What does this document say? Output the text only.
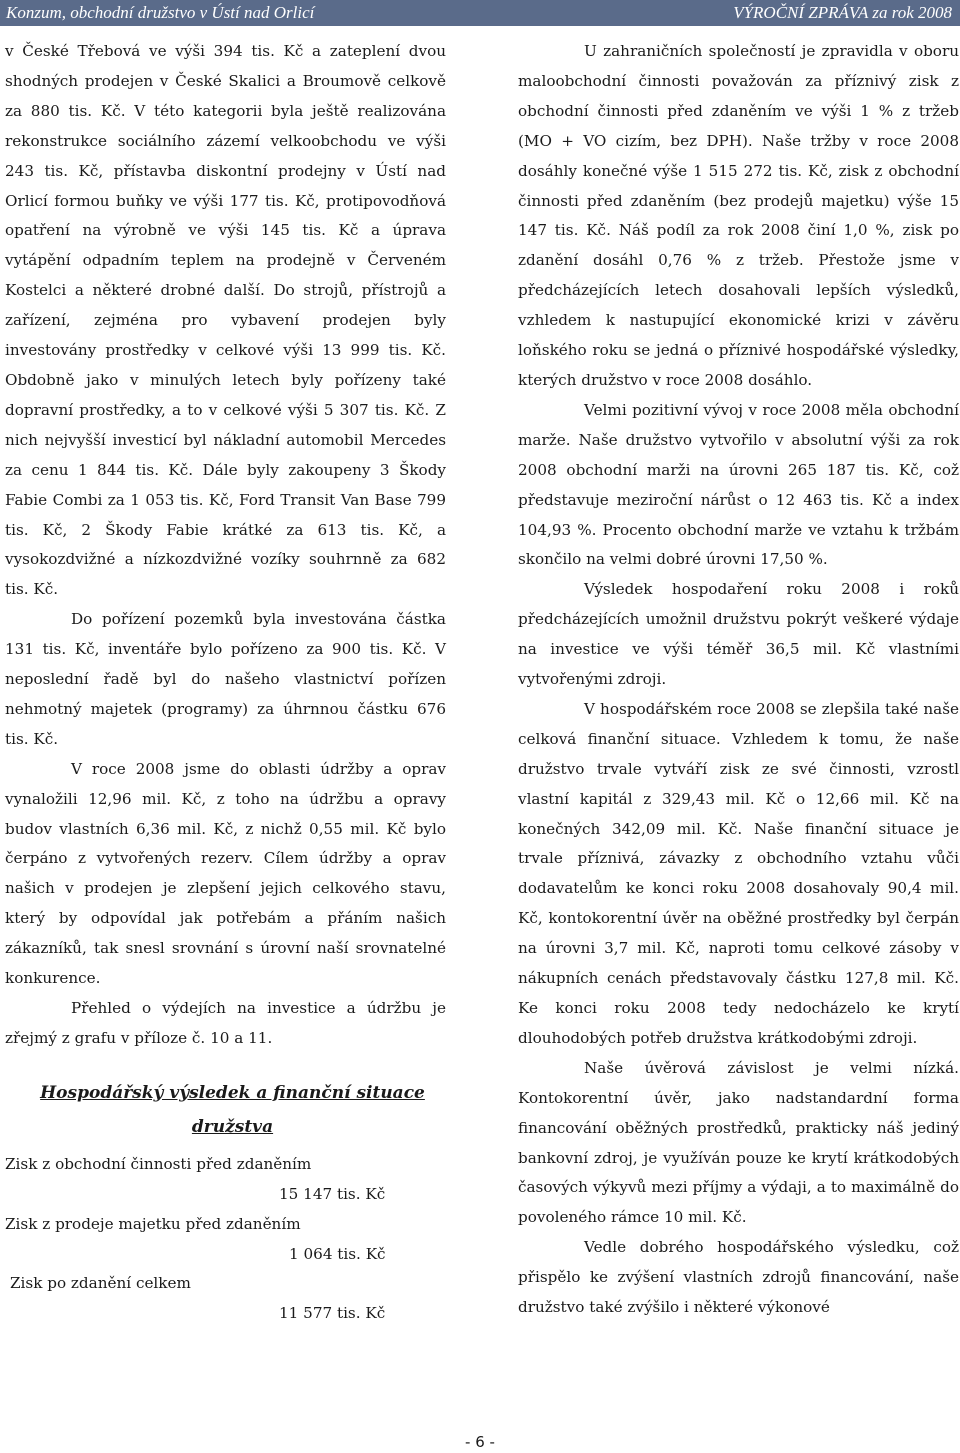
Konzum, obchodní družstvo v Ústí nad Orlicí	VÝROČNÍ ZPRÁVA za rok 2008

v České Třebová ve výši 394 tis. Kč a zateplení dvou shodných prodejen v České Skalici a Broumově celkově za 880 tis. Kč. V této kategorii byla ještě realizována rekonstrukce sociálního zázemí velkoobchodu ve výši 243 tis. Kč, přístavba diskontní prodejny v Ústí nad Orlicí formou buňky ve výši 177 tis. Kč, protipovodňová opatření na výrobně ve výši 145 tis. Kč a úprava vytápění odpadním teplem na prodejně v Červeném Kostelci a některé drobné další. Do strojů, přístrojů a zařízení, zejména pro vybavení prodejen byly investovány prostředky v celkové výši 13 999 tis. Kč. Obdobně jako v minulých letech byly pořízeny také dopravní prostředky, a to v celkové výši 5 307 tis. Kč. Z nich nejvyšší investicí byl nákladní automobil Mercedes za cenu 1 844 tis. Kč. Dále byly zakoupeny 3 Škody Fabie Combi za 1 053 tis. Kč, Ford Transit Van Base 799 tis. Kč, 2 Škody Fabie krátké za 613 tis. Kč, a vysokozdvižné a nízkozdvižné vozíky souhrnně za 682 tis. Kč.

Do pořízení pozemků byla investována částka 131 tis. Kč, inventáře bylo pořízeno za 900 tis. Kč. V neposlední řadě byl do našeho vlastnictví pořízen nehmotný majetek (programy) za úhrnnou částku 676 tis. Kč.

V roce 2008 jsme do oblasti údržby a oprav vynaložili 12,96 mil. Kč, z toho na údržbu a opravy budov vlastních 6,36 mil. Kč, z nichž 0,55 mil. Kč bylo čerpáno z vytvořených rezerv. Cílem údržby a oprav našich v prodejen je zlepšení jejich celkového stavu, který by odpovídal jak potřebám a přáním našich zákazníků, tak snesl srovnání s úrovní naší srovnatelné konkurence.

Přehled o výdejích na investice a údržbu je zřejmý z grafu v příloze č. 10 a 11.

Hospodářský výsledek a finanční situace
družstva
Zisk z obchodní činnosti před zdaněním
15 147 tis. Kč
Zisk z prodeje majetku před zdaněním
1 064 tis. Kč
Zisk po zdanění celkem
11 577 tis. Kč

U zahraničních společností je zpravidla v oboru maloobchodní činnosti považován za příznivý zisk z obchodní činnosti před zdaněním ve výši 1 % z tržeb (MO + VO cizím, bez DPH). Naše tržby v roce 2008 dosáhly konečné výše 1 515 272 tis. Kč, zisk z obchodní činnosti před zdaněním (bez prodejů majetku) výše 15 147 tis. Kč. Náš podíl za rok 2008 činí 1,0 %, zisk po zdanění dosáhl 0,76 % z tržeb. Přestože jsme v předcházejících letech dosahovali lepších výsledků, vzhledem k nastupující ekonomické krizi v závěru loňského roku se jedná o příznivé hospodářské výsledky, kterých družstvo v roce 2008 dosáhlo.

Velmi pozitivní vývoj v roce 2008 měla obchodní marže. Naše družstvo vytvořilo v absolutní výši za rok 2008 obchodní marži na úrovni 265 187 tis. Kč, což představuje meziroční nárůst o 12 463 tis. Kč a index 104,93 %. Procento obchodní marže ve vztahu k tržbám skončilo na velmi dobré úrovni 17,50 %.

Výsledek hospodaření roku 2008 i roků předcházejících umožnil družstvu pokrýt veškeré výdaje na investice ve výši téměř 36,5 mil. Kč vlastními vytvořenými zdroji.

V hospodářském roce 2008 se zlepšila také naše celková finanční situace. Vzhledem k tomu, že naše družstvo trvale vytváří zisk ze své činnosti, vzrostl vlastní kapitál z 329,43 mil. Kč o 12,66 mil. Kč na konečných 342,09 mil. Kč. Naše finanční situace je trvale příznivá, závazky z obchodního vztahu vůči dodavatelům ke konci roku 2008 dosahovaly 90,4 mil. Kč, kontokorentní úvěr na oběžné prostředky byl čerpán na úrovni 3,7 mil. Kč, naproti tomu celkové zásoby v nákupních cenách představovaly částku 127,8 mil. Kč. Ke konci roku 2008 tedy nedocházelo ke krytí dlouhodobých potřeb družstva krátkodobými zdroji.

Naše úvěrová závislost je velmi nízká. Kontokorentní úvěr, jako nadstandardní forma financování oběžných prostředků, prakticky náš jediný bankovní zdroj, je využíván pouze ke krytí krátkodobých časových výkyvů mezi příjmy a výdaji, a to maximálně do povoleného rámce 10 mil. Kč.

Vedle dobrého hospodářského výsledku, což přispělo ke zvýšení vlastních zdrojů financování, naše družstvo také zvýšilo i některé výkonové

- 6 -
